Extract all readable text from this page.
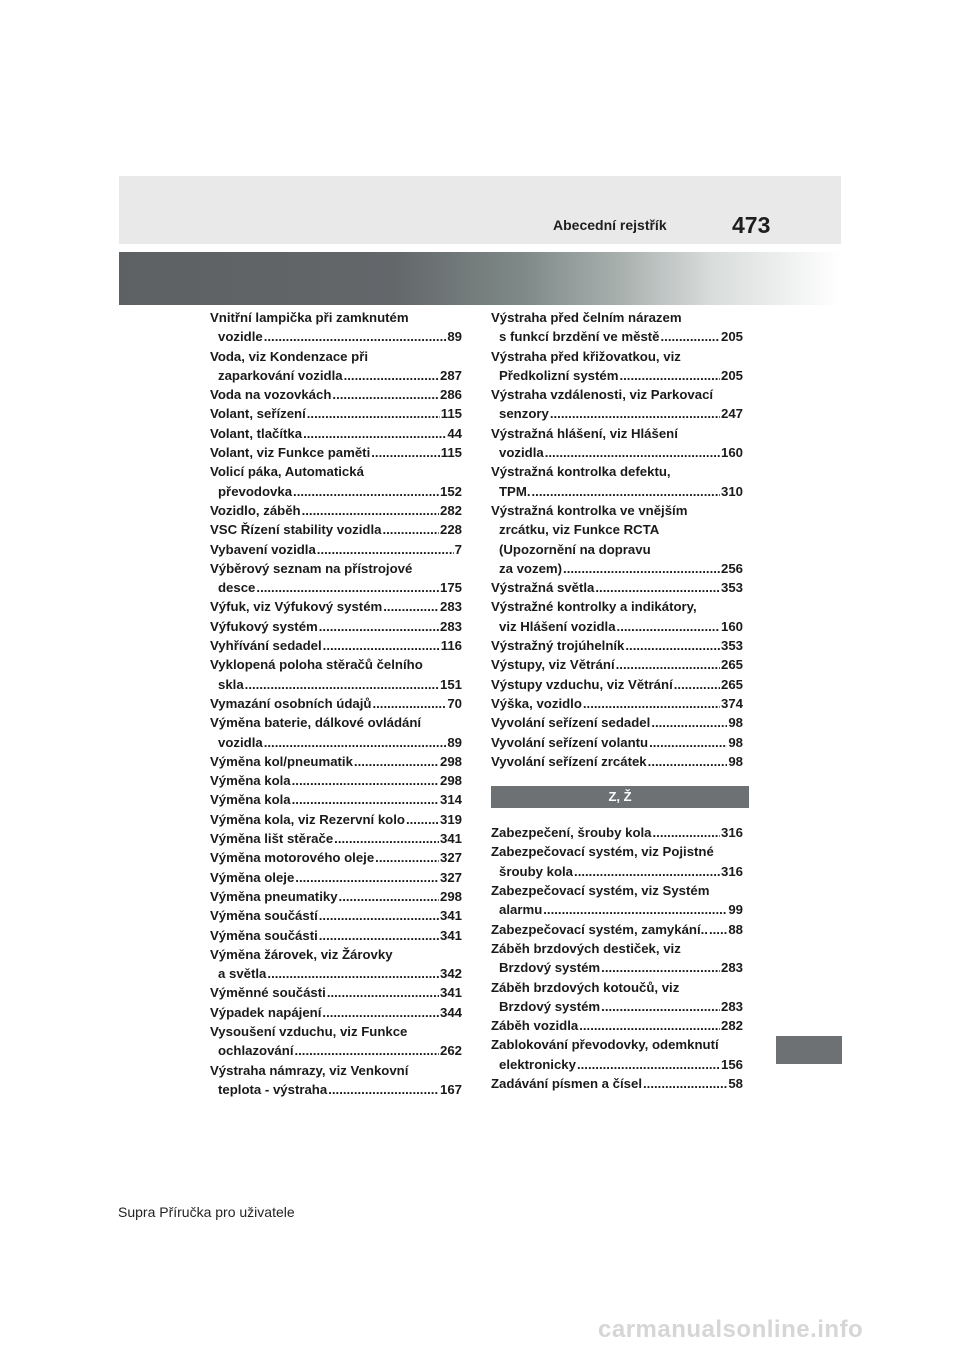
Abecední rejstřík	473
Vnitřní lampička při zamknutém
vozidle .....	89
Voda, viz Kondenzace při
zaparkování vozidla .....	287
Voda na vozovkách .....	286
Volant, seřízení .....	115
Volant, tlačítka .....	44
Volant, viz Funkce paměti .....	115
Volicí páka, Automatická
převodovka .....	152
Vozidlo, záběh .....	282
VSC Řízení stability vozidla .....	228
Vybavení vozidla .....	7
Výběrový seznam na přístrojové
desce .....	175
Výfuk, viz Výfukový systém .....	283
Výfukový systém .....	283
Vyhřívání sedadel .....	116
Vyklopená poloha stěračů čelního
skla .....	151
Vymazání osobních údajů .....	70
Výměna baterie, dálkové ovládání
vozidla .....	89
Výměna kol/pneumatik .....	298
Výměna kola .....	298
Výměna kola .....	314
Výměna kola, viz Rezervní kolo .....	319
Výměna lišt stěrače .....	341
Výměna motorového oleje .....	327
Výměna oleje .....	327
Výměna pneumatiky .....	298
Výměna součástí .....	341
Výměna součásti .....	341
Výměna žárovek, viz Žárovky
a světla .....	342
Výměnné součásti .....	341
Výpadek napájení .....	344
Vysoušení vzduchu, viz Funkce
ochlazování .....	262
Výstraha námrazy, viz Venkovní
teplota - výstraha .....	167
Výstraha před čelním nárazem
s funkcí brzdění ve městě .....	205
Výstraha před křižovatkou, viz
Předkolizní systém .....	205
Výstraha vzdálenosti, viz Parkovací
senzory .....	247
Výstražná hlášení, viz Hlášení
vozidla .....	160
Výstražná kontrolka defektu,
TPM. .....	310
Výstražná kontrolka ve vnějším
zrcátku, viz Funkce RCTA
(Upozornění na dopravu
za vozem) .....	256
Výstražná světla .....	353
Výstražné kontrolky a indikátory,
viz Hlášení vozidla .....	160
Výstražný trojúhelník .....	353
Výstupy, viz Větrání .....	265
Výstupy vzduchu, viz Větrání .....	265
Výška, vozidlo .....	374
Vyvolání seřízení sedadel .....	98
Vyvolání seřízení volantu .....	98
Vyvolání seřízení zrcátek .....	98
Z, Ž
Zabezpečení, šrouby kola .....	316
Zabezpečovací systém, viz Pojistné
šrouby kola .....	316
Zabezpečovací systém, viz Systém
alarmu .....	99
Zabezpečovací systém, zamykání.. ..... 88
Záběh brzdových destiček, viz
Brzdový systém .....	283
Záběh brzdových kotoučů, viz
Brzdový systém .....	283
Záběh vozidla .....	282
Zablokování převodovky, odemknutí
elektronicky .....	156
Zadávání písmen a čísel .....	58
Supra Příručka pro uživatele
carmanualsonline.info
